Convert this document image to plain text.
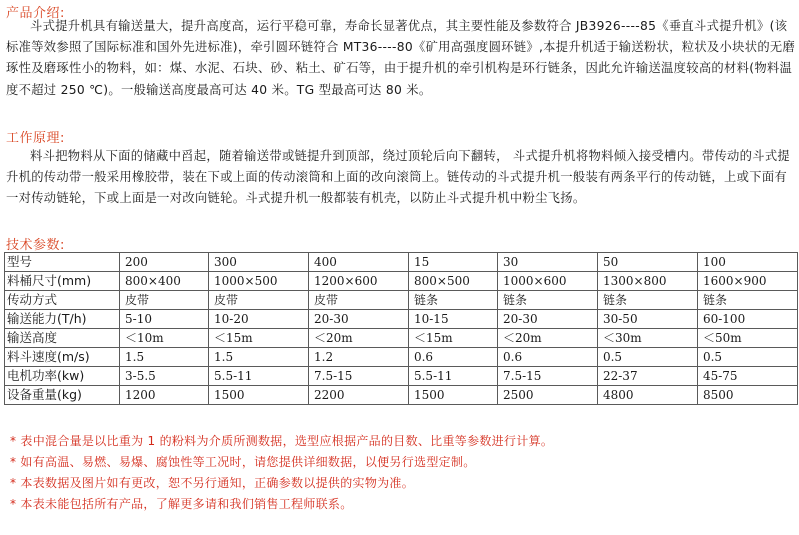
产品介绍:
斗式提升机具有输送量大，提升高度高，运行平稳可靠，寿命长显著优点，其主要性能及参数符合 JB3926----85《垂直斗式提升机》(该标准等效参照了国际标准和国外先进标准)，牵引圆环链符合 MT36----80《矿用高强度圆环链》,本提升机适于输送粉状，粒状及小块状的无磨琢性及磨琢性小的物料，如：煤、水泥、石块、砂、粘土、矿石等，由于提升机的牵引机构是环行链条，因此允许输送温度较高的材料(物料温度不超过 250 ℃)。一般输送高度最高可达 40 米。TG 型最高可达 80 米。
工作原理:
料斗把物料从下面的储藏中舀起，随着输送带或链提升到顶部，绕过顶轮后向下翻转， 斗式提升机将物料倾入接受槽内。带传动的斗式提升机的传动带一般采用橡胶带，装在下或上面的传动滚筒和上面的改向滚筒上。链传动的斗式提升机一般装有两条平行的传动链，上或下面有一对传动链轮，下或上面是一对改向链轮。斗式提升机一般都装有机壳，以防止斗式提升机中粉尘飞扬。
技术参数:
型号	200	300	400	15	30	50	100
料桶尺寸(mm)	800×400	1000×500	1200×600	800×500	1000×600	1300×800	1600×900
传动方式	皮带	皮带	皮带	链条	链条	链条	链条
输送能力(T/h)	5-10	10-20	20-30	10-15	20-30	30-50	60-100
输送高度	＜10m	＜15m	＜20m	＜15m	＜20m	＜30m	＜50m
料斗速度(m/s)	1.5	1.5	1.2	0.6	0.6	0.5	0.5
电机功率(kw)	3-5.5	5.5-11	7.5-15	5.5-11	7.5-15	22-37	45-75
设备重量(kg)	1200	1500	2200	1500	2500	4800	8500
* 表中混合量是以比重为 1 的粉料为介质所测数据，选型应根据产品的目数、比重等参数进行计算。
* 如有高温、易燃、易爆、腐蚀性等工况时，请您提供详细数据，以便另行选型定制。
* 本表数据及图片如有更改，恕不另行通知，正确参数以提供的实物为准。
* 本表未能包括所有产品，了解更多请和我们销售工程师联系。
